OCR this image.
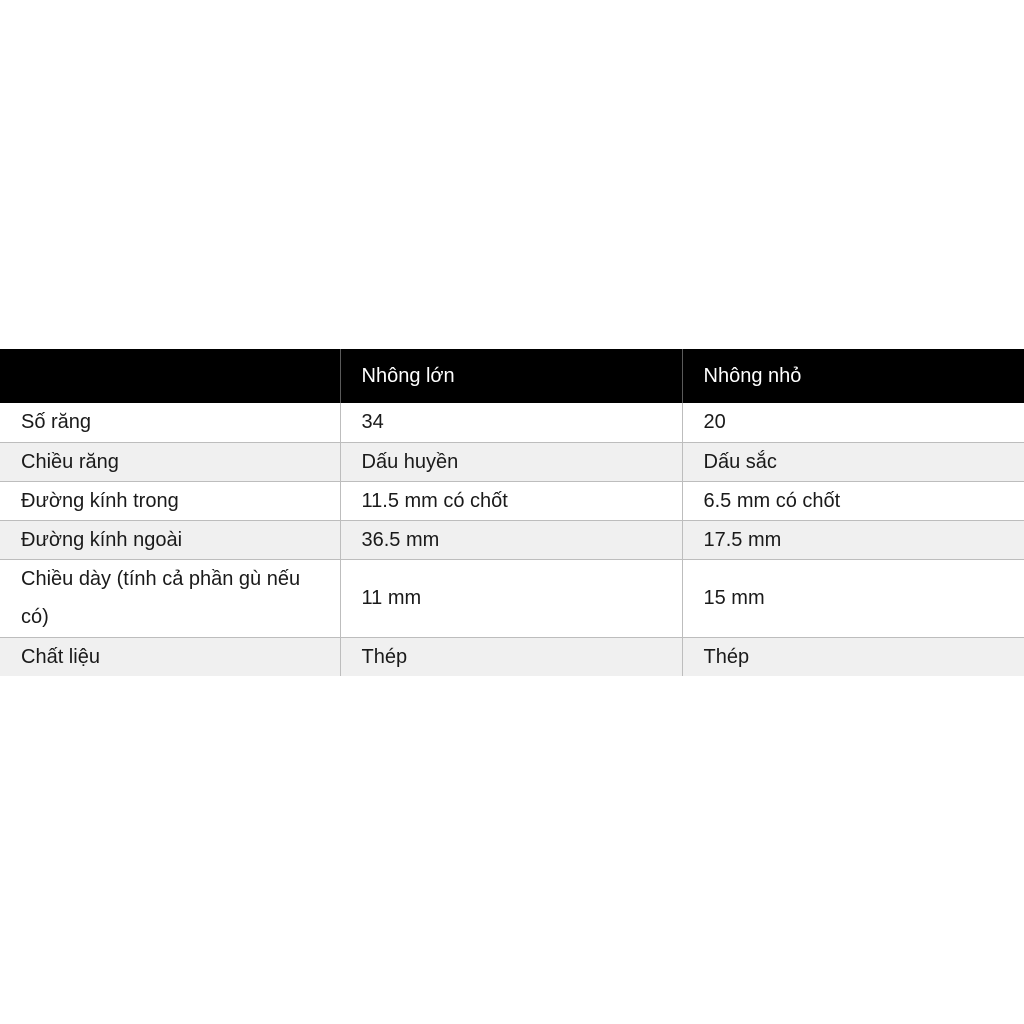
	Nhông lớn	Nhông nhỏ
Số răng	34	20
Chiều răng	Dấu huyền	Dấu sắc
Đường kính trong	11.5 mm có chốt	6.5 mm có chốt
Đường kính ngoài	36.5 mm	17.5 mm
Chiều dày (tính cả phần gù nếu có)	11 mm	15 mm
Chất liệu	Thép	Thép
